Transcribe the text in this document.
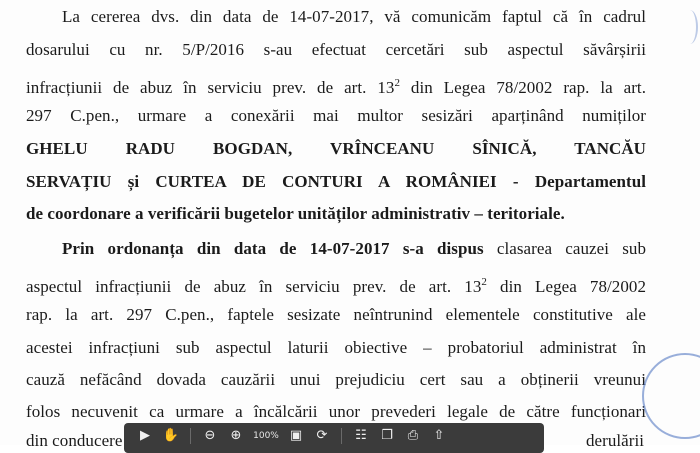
La cererea dvs. din data de 14-07-2017, vă comunicăm faptul că în cadrul
dosarului cu nr. 5/P/2016 s-au efectuat cercetări sub aspectul săvârșirii
infracțiunii de abuz în serviciu prev. de art. $13^2$ din Legea 78/2002 rap. la art.
297 C.pen., urmare a conexării mai multor sesizări aparținând numiților
GHELU RADU BOGDAN, VRÎNCEANU SÎNICĂ, TANCĂU
SERVAȚIU și CURTEA DE CONTURI A ROMÂNIEI - Departamentul
de coordonare a verificării bugetelor unităților administrativ – teritoriale.
Prin ordonanța din data de 14-07-2017 s-a dispus clasarea cauzei sub
aspectul infracțiunii de abuz în serviciu prev. de art. $13^2$ din Legea 78/2002
rap. la art. 297 C.pen., faptele sesizate neîntrunind elementele constitutive ale
acestei infracțiuni sub aspectul laturii obiective – probatoriul administrat în
cauză nefăcând dovada cauzării unui prejudiciu cert sau a obținerii vreunui
folos necuvenit ca urmare a încălcării unor prevederi legale de către funcționari
din conducere	derulării
▶ ✋	⊖	⊕	100% ▣	⟳	☷	❐	⎙	⇧
